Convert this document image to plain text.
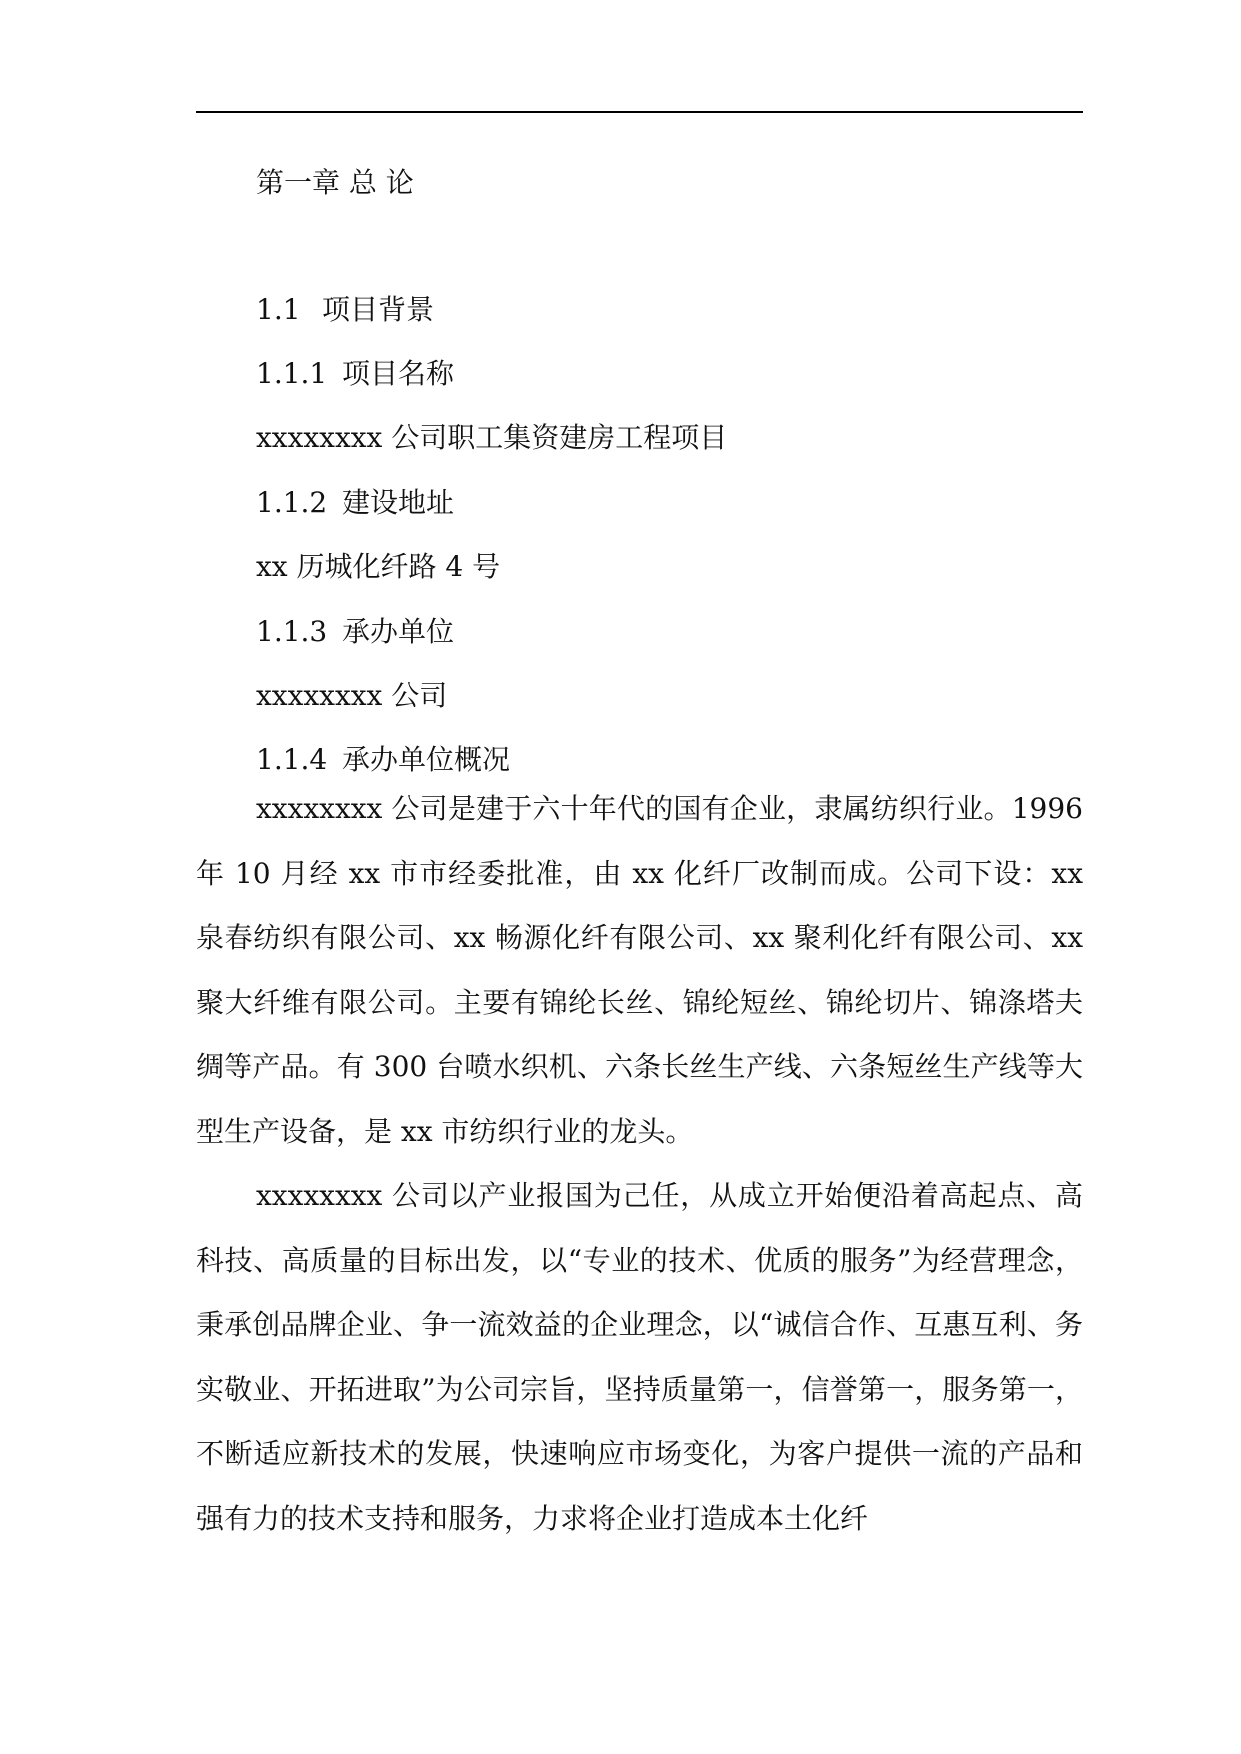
第一章 总 论
1.1 项目背景
1.1.1 项目名称
xxxxxxxx 公司职工集资建房工程项目
1.1.2 建设地址
xx 历城化纤路 4 号
1.1.3 承办单位
xxxxxxxx 公司
1.1.4 承办单位概况

xxxxxxxx 公司是建于六十年代的国有企业，隶属纺织行业。1996 年 10 月经 xx 市市经委批准，由 xx 化纤厂改制而成。公司下设：xx 泉春纺织有限公司、xx 畅源化纤有限公司、xx 聚利化纤有限公司、xx 聚大纤维有限公司。主要有锦纶长丝、锦纶短丝、锦纶切片、锦涤塔夫绸等产品。有 300 台喷水织机、六条长丝生产线、六条短丝生产线等大型生产设备，是 xx 市纺织行业的龙头。

xxxxxxxx 公司以产业报国为己任，从成立开始便沿着高起点、高科技、高质量的目标出发，以“专业的技术、优质的服务”为经营理念，秉承创品牌企业、争一流效益的企业理念，以“诚信合作、互惠互利、务实敬业、开拓进取”为公司宗旨，坚持质量第一，信誉第一，服务第一，不断适应新技术的发展，快速响应市场变化，为客户提供一流的产品和强有力的技术支持和服务，力求将企业打造成本土化纤
